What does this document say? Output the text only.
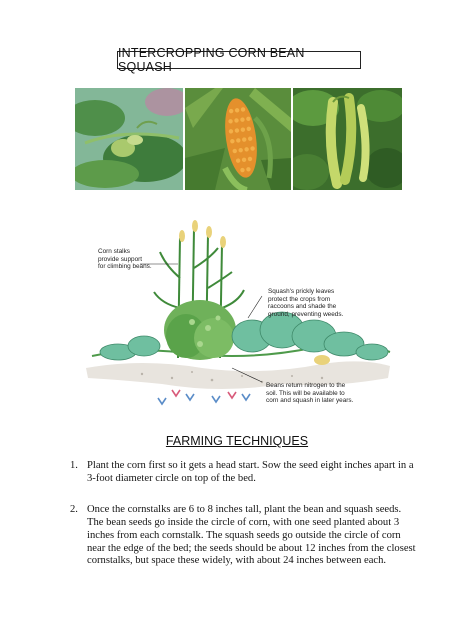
INTERCROPPING CORN BEAN SQUASH
Corn stalks
provide support
for climbing beans.
Squash's prickly leaves
protect the crops from
raccoons and shade the
ground, preventing weeds.
Beans return nitrogen to the
soil. This will be available to
corn and squash in later years.
FARMING TECHNIQUES
1. Plant the corn first so it gets a head start. Sow the seed eight inches apart in a 3-foot diameter circle on top of the bed.
2. Once the cornstalks are 6 to 8 inches tall, plant the bean and squash seeds. The bean seeds go inside the circle of corn, with one seed planted about 3 inches from each cornstalk. The squash seeds go outside the circle of corn near the edge of the bed; the seeds should be about 12 inches from the closest cornstalks, but space these widely, with about 24 inches between each.
